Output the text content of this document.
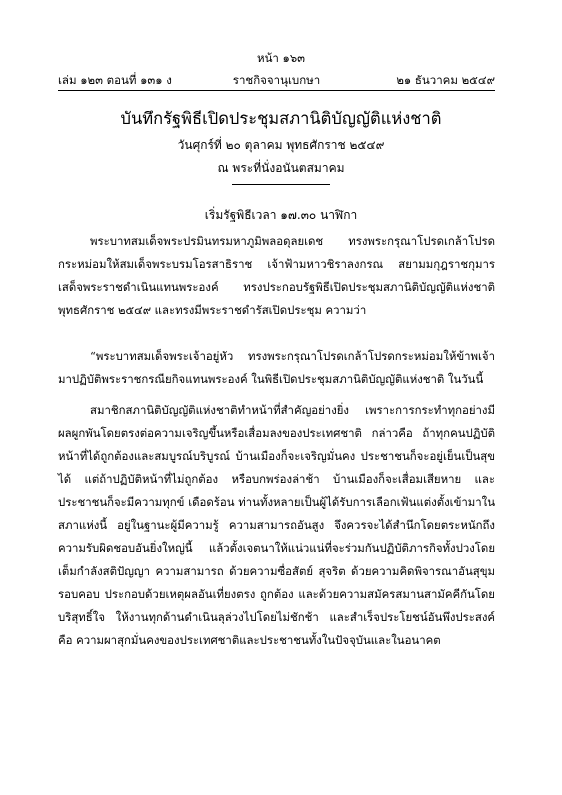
หน้า ๑๖๓
ราชกิจจานุเบกษา
เล่ม ๑๒๓ ตอนที่ ๑๓๑ ง	๒๑ ธันวาคม ๒๕๔๙
บันทึกรัฐพิธีเปิดประชุมสภานิติบัญญัติแห่งชาติ
วันศุกร์ที่ ๒๐ ตุลาคม พุทธศักราช ๒๕๔๙
ณ พระที่นั่งอนันตสมาคม
เริ่มรัฐพิธีเวลา ๑๗.๓๐ นาฬิกา

พระบาทสมเด็จพระปรมินทรมหาภูมิพลอดุลยเดช ทรงพระกรุณาโปรดเกล้าโปรดกระหม่อมให้สมเด็จพระบรมโอรสาธิราช เจ้าฟ้ามหาวชิราลงกรณ สยามมกุฎราชกุมาร เสด็จพระราชดำเนินแทนพระองค์ ทรงประกอบรัฐพิธีเปิดประชุมสภานิติบัญญัติแห่งชาติ พุทธศักราช ๒๕๔๙ และทรงมีพระราชดำรัสเปิดประชุม ความว่า

“พระบาทสมเด็จพระเจ้าอยู่หัว ทรงพระกรุณาโปรดเกล้าโปรดกระหม่อมให้ข้าพเจ้ามาปฏิบัติพระราชกรณียกิจแทนพระองค์ ในพิธีเปิดประชุมสภานิติบัญญัติแห่งชาติ ในวันนี้

สมาชิกสภานิติบัญญัติแห่งชาติทำหน้าที่สำคัญอย่างยิ่ง เพราะการกระทำทุกอย่างมีผลผูกพันโดยตรงต่อความเจริญขึ้นหรือเสื่อมลงของประเทศชาติ กล่าวคือ ถ้าทุกคนปฏิบัติหน้าที่ได้ถูกต้องและสมบูรณ์บริบูรณ์ บ้านเมืองก็จะเจริญมั่นคง ประชาชนก็จะอยู่เย็นเป็นสุขได้ แต่ถ้าปฏิบัติหน้าที่ไม่ถูกต้อง หรือบกพร่องล่าช้า บ้านเมืองก็จะเสื่อมเสียหาย และประชาชนก็จะมีความทุกข์ เดือดร้อน ท่านทั้งหลายเป็นผู้ได้รับการเลือกเฟ้นแต่งตั้งเข้ามาในสภาแห่งนี้ อยู่ในฐานะผู้มีความรู้ ความสามารถอันสูง จึงควรจะได้สำนึกโดยตระหนักถึงความรับผิดชอบอันยิ่งใหญ่นี้ แล้วตั้งเจตนาให้แน่วแน่ที่จะร่วมกันปฏิบัติภารกิจทั้งปวงโดยเต็มกำลังสติปัญญา ความสามารถ ด้วยความซื่อสัตย์ สุจริต ด้วยความคิดพิจารณาอันสุขุมรอบคอบ ประกอบด้วยเหตุผลอันเที่ยงตรง ถูกต้อง และด้วยความสมัครสมานสามัคคีกันโดยบริสุทธิ์ใจ ให้งานทุกด้านดำเนินลุล่วงไปโดยไม่ชักช้า และสำเร็จประโยชน์อันพึงประสงค์คือ ความผาสุกมั่นคงของประเทศชาติและประชาชนทั้งในปัจจุบันและในอนาคต
